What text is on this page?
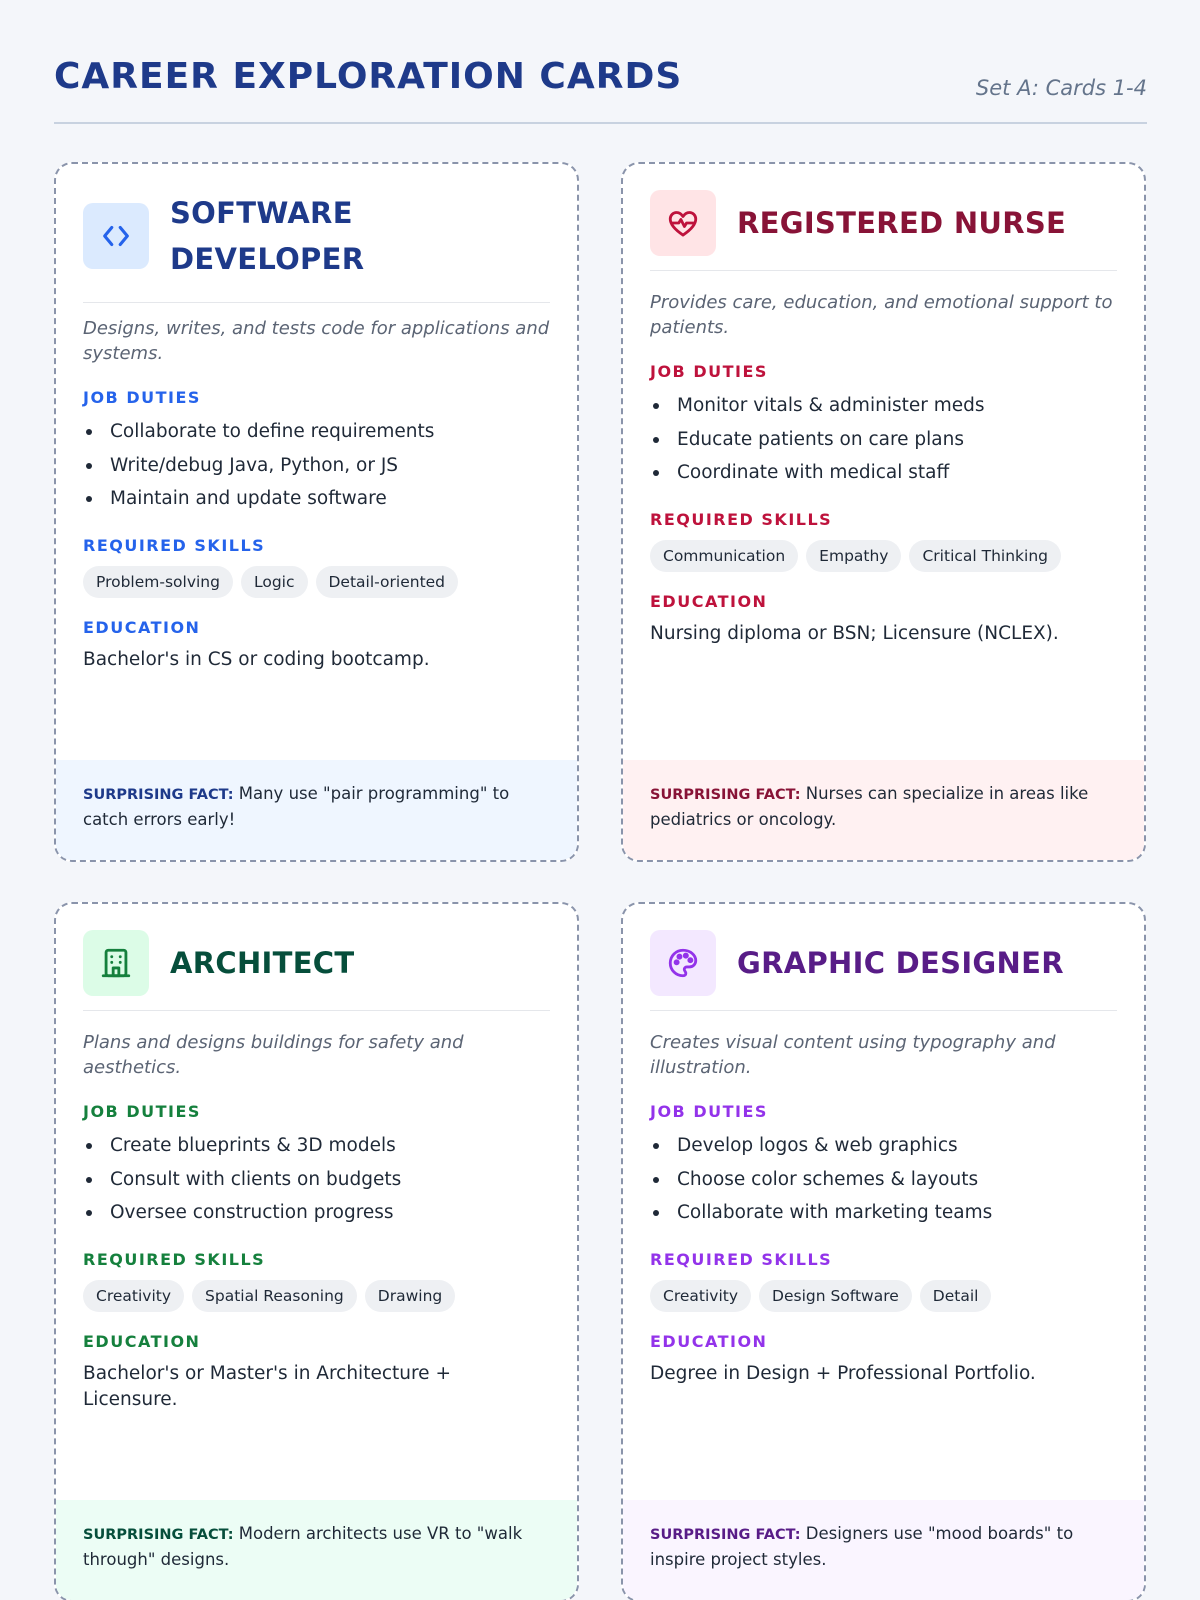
CAREER EXPLORATION CARDS	Set A: Cards 1-4
SOFTWARE
DEVELOPER
Designs, writes, and tests code for applications and systems.
JOB DUTIES
Collaborate to define requirements
Write/debug Java, Python, or JS
Maintain and update software
REQUIRED SKILLS
Problem-solving	Logic	Detail-oriented
EDUCATION
Bachelor's in CS or coding bootcamp.
SURPRISING FACT: Many use "pair programming" to catch errors early!
REGISTERED NURSE
Provides care, education, and emotional support to patients.
JOB DUTIES
Monitor vitals & administer meds
Educate patients on care plans
Coordinate with medical staff
REQUIRED SKILLS
Communication	Empathy	Critical Thinking
EDUCATION
Nursing diploma or BSN; Licensure (NCLEX).
SURPRISING FACT: Nurses can specialize in areas like pediatrics or oncology.
ARCHITECT
Plans and designs buildings for safety and aesthetics.
JOB DUTIES
Create blueprints & 3D models
Consult with clients on budgets
Oversee construction progress
REQUIRED SKILLS
Creativity	Spatial Reasoning	Drawing
EDUCATION
Bachelor's or Master's in Architecture + Licensure.
SURPRISING FACT: Modern architects use VR to "walk through" designs.
GRAPHIC DESIGNER
Creates visual content using typography and illustration.
JOB DUTIES
Develop logos & web graphics
Choose color schemes & layouts
Collaborate with marketing teams
REQUIRED SKILLS
Creativity	Design Software	Detail
EDUCATION
Degree in Design + Professional Portfolio.
SURPRISING FACT: Designers use "mood boards" to inspire project styles.
